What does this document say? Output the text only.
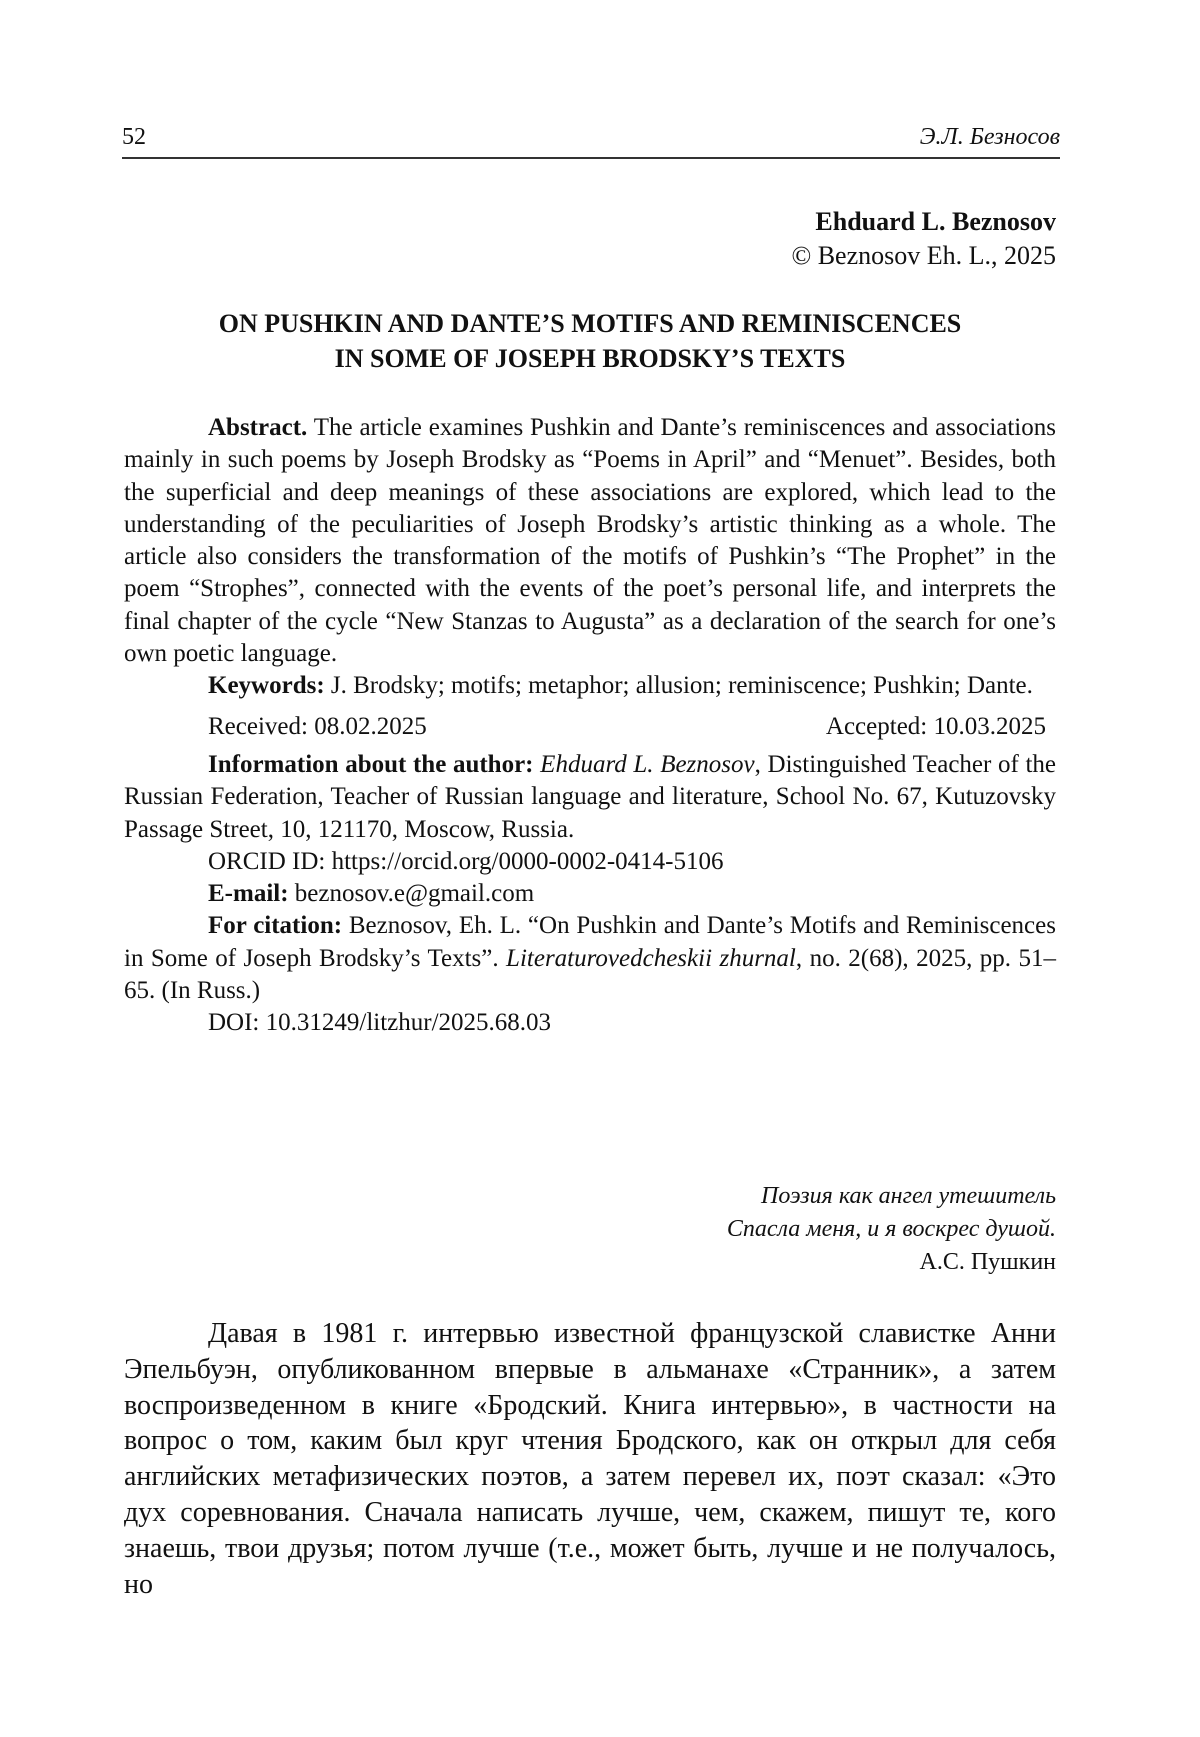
52	Э.Л. Безносов
Ehduard L. Beznosov
© Beznosov Eh. L., 2025
ON PUSHKIN AND DANTE’S MOTIFS AND REMINISCENCES
IN SOME OF JOSEPH BRODSKY’S TEXTS

Abstract. The article examines Pushkin and Dante’s reminiscences and associations mainly in such poems by Joseph Brodsky as “Poems in April” and “Menuet”. Besides, both the superficial and deep meanings of these associations are explored, which lead to the understanding of the peculiarities of Joseph Brodsky’s artistic thinking as a whole. The article also considers the transformation of the motifs of Pushkin’s “The Prophet” in the poem “Strophes”, connected with the events of the poet’s personal life, and interprets the final chapter of the cycle “New Stanzas to Augusta” as a declaration of the search for one’s own poetic language.

Keywords: J. Brodsky; motifs; metaphor; allusion; reminiscence; Pushkin; Dante.

Received: 08.02.2025	Accepted: 10.03.2025

Information about the author: Ehduard L. Beznosov, Distinguished Teacher of the Russian Federation, Teacher of Russian language and literature, School No. 67, Kutuzovsky Passage Street, 10, 121170, Moscow, Russia.

ORCID ID: https://orcid.org/0000-0002-0414-5106

E-mail: beznosov.e@gmail.com

For citation: Beznosov, Eh. L. “On Pushkin and Dante’s Motifs and Reminiscences in Some of Joseph Brodsky’s Texts”. Literaturovedcheskii zhurnal, no. 2(68), 2025, pp. 51–65. (In Russ.)

DOI: 10.31249/litzhur/2025.68.03

Поэзия как ангел утешитель
Спасла меня, и я воскрес душой.
А.С. Пушкин

Давая в 1981 г. интервью известной французской славистке Анни Эпельбуэн, опубликованном впервые в альманахе «Странник», а затем воспроизведенном в книге «Бродский. Книга интервью», в частности на вопрос о том, каким был круг чтения Бродского, как он открыл для себя английских метафизических поэтов, а затем перевел их, поэт сказал: «Это дух соревнования. Сначала написать лучше, чем, скажем, пишут те, кого знаешь, твои друзья; потом лучше (т.е., может быть, лучше и не получалось, но
